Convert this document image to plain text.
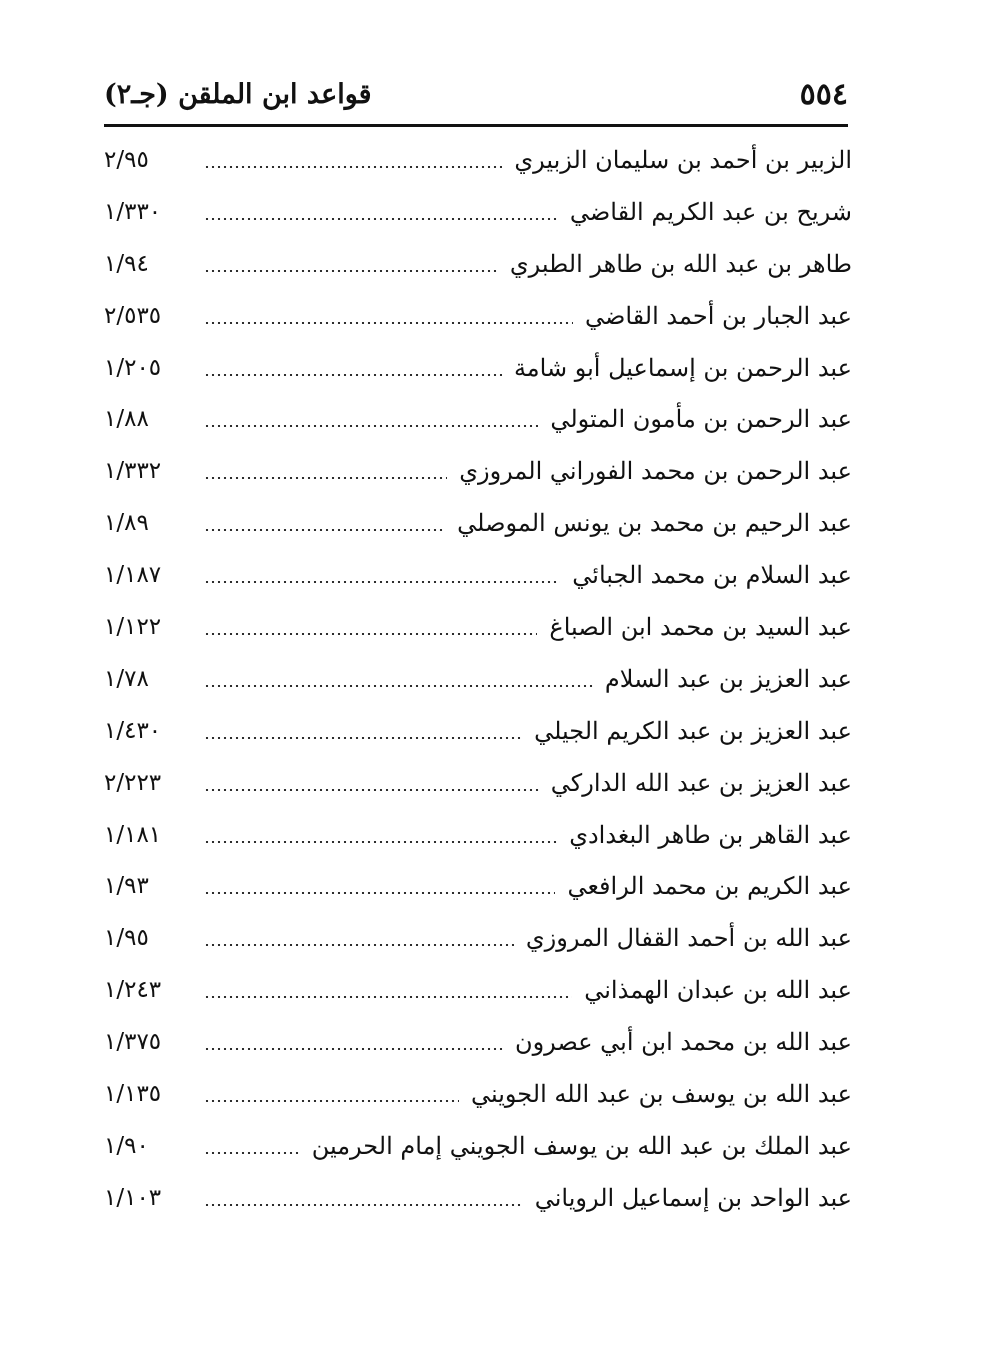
٥٥٤
قواعد ابن الملقن (جـ٢)
الزبير بن أحمد بن سليمان الزبيري
٢/٩٥
شريح بن عبد الكريم القاضي
١/٣٣٠
طاهر بن عبد الله بن طاهر الطبري
١/٩٤
عبد الجبار بن أحمد القاضي
٢/٥٣٥
عبد الرحمن بن إسماعيل أبو شامة
١/٢٠٥
عبد الرحمن بن مأمون المتولي
١/٨٨
عبد الرحمن بن محمد الفوراني المروزي
١/٣٣٢
عبد الرحيم بن محمد بن يونس الموصلي
١/٨٩
عبد السلام بن محمد الجبائي
١/١٨٧
عبد السيد بن محمد ابن الصباغ
١/١٢٢
عبد العزيز بن عبد السلام
١/٧٨
عبد العزيز بن عبد الكريم الجيلي
١/٤٣٠
عبد العزيز بن عبد الله الداركي
٢/٢٢٣
عبد القاهر بن طاهر البغدادي
١/١٨١
عبد الكريم بن محمد الرافعي
١/٩٣
عبد الله بن أحمد القفال المروزي
١/٩٥
عبد الله بن عبدان الهمذاني
١/٢٤٣
عبد الله بن محمد ابن أبي عصرون
١/٣٧٥
عبد الله بن يوسف بن عبد الله الجويني
١/١٣٥
عبد الملك بن عبد الله بن يوسف الجويني إمام الحرمين
١/٩٠
عبد الواحد بن إسماعيل الروياني
١/١٠٣
